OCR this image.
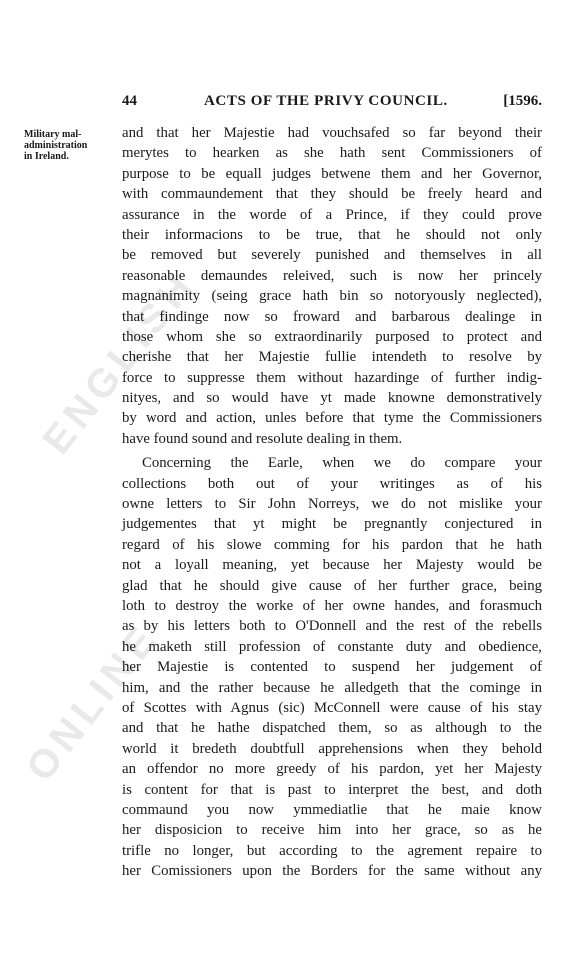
ENGLISH
ONLINE
44	ACTS OF THE PRIVY COUNCIL.	[1596.
Military mal-
administration
in Ireland.
and that her Majestie had vouchsafed so far beyond their
merytes to hearken as she hath sent Commissioners of
purpose to be equall judges betwene them and her Governor,
with commaundement that they should be freely heard and
assurance in the worde of a Prince, if they could prove
their informacions to be true, that he should not only
be removed but severely punished and themselves in all
reasonable demaundes releived, such is now her princely
magnanimity (seing grace hath bin so notoryously neglected),
that findinge now so froward and barbarous dealinge in
those whom she so extraordinarily purposed to protect and
cherishe that her Majestie fullie intendeth to resolve by
force to suppresse them without hazardinge of further indig-
nityes, and so would have yt made knowne demonstratively
by word and action, unles before that tyme the Commissioners
have found sound and resolute dealing in them.
Concerning the Earle, when we do compare your
collections both out of your writinges as of his
owne letters to Sir John Norreys, we do not mislike your
judgementes that yt might be pregnantly conjectured in
regard of his slowe comming for his pardon that he hath
not a loyall meaning, yet because her Majesty would be
glad that he should give cause of her further grace, being
loth to destroy the worke of her owne handes, and forasmuch
as by his letters both to O'Donnell and the rest of the rebells
he maketh still profession of constante duty and obedience,
her Majestie is contented to suspend her judgement of
him, and the rather because he alledgeth that the cominge in
of Scottes with Agnus (sic) McConnell were cause of his stay
and that he hathe dispatched them, so as although to the
world it bredeth doubtfull apprehensions when they behold
an offendor no more greedy of his pardon, yet her Majesty
is content for that is past to interpret the best, and doth
commaund you now ymmediatlie that he maie know
her disposicion to receive him into her grace, so as he
trifle no longer, but according to the agrement repaire to
her Comissioners upon the Borders for the same without any
